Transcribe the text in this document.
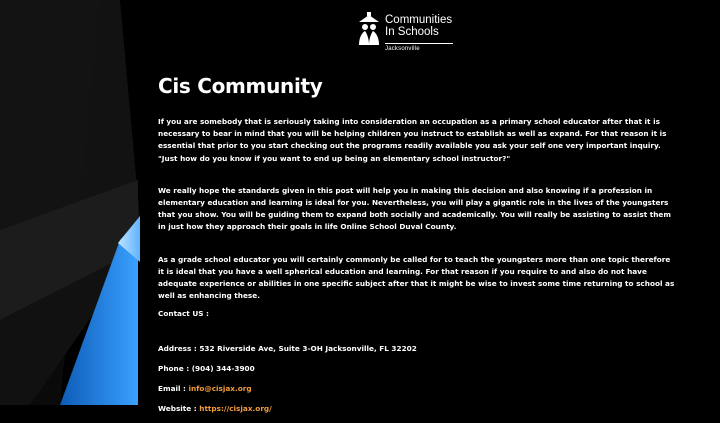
Communities
In Schools
Jacksonville
Cis Community

If you are somebody that is seriously taking into consideration an occupation as a primary school educator after that it is necessary to bear in mind that you will be helping children you instruct to establish as well as expand. For that reason it is essential that prior to you start checking out the programs readily available you ask your self one very important inquiry. "Just how do you know if you want to end up being an elementary school instructor?"

We really hope the standards given in this post will help you in making this decision and also knowing if a profession in elementary education and learning is ideal for you. Nevertheless, you will play a gigantic role in the lives of the youngsters that you show. You will be guiding them to expand both socially and academically. You will really be assisting to assist them in just how they approach their goals in life Online School Duval County.

As a grade school educator you will certainly commonly be called for to teach the youngsters more than one topic therefore it is ideal that you have a well spherical education and learning. For that reason if you require to and also do not have adequate experience or abilities in one specific subject after that it might be wise to invest some time returning to school as well as enhancing these.

Contact US :

Address : 532 Riverside Ave, Suite 3-OH Jacksonville, FL 32202

Phone : (904) 344-3900

Email : info@cisjax.org

Website : https://cisjax.org/
